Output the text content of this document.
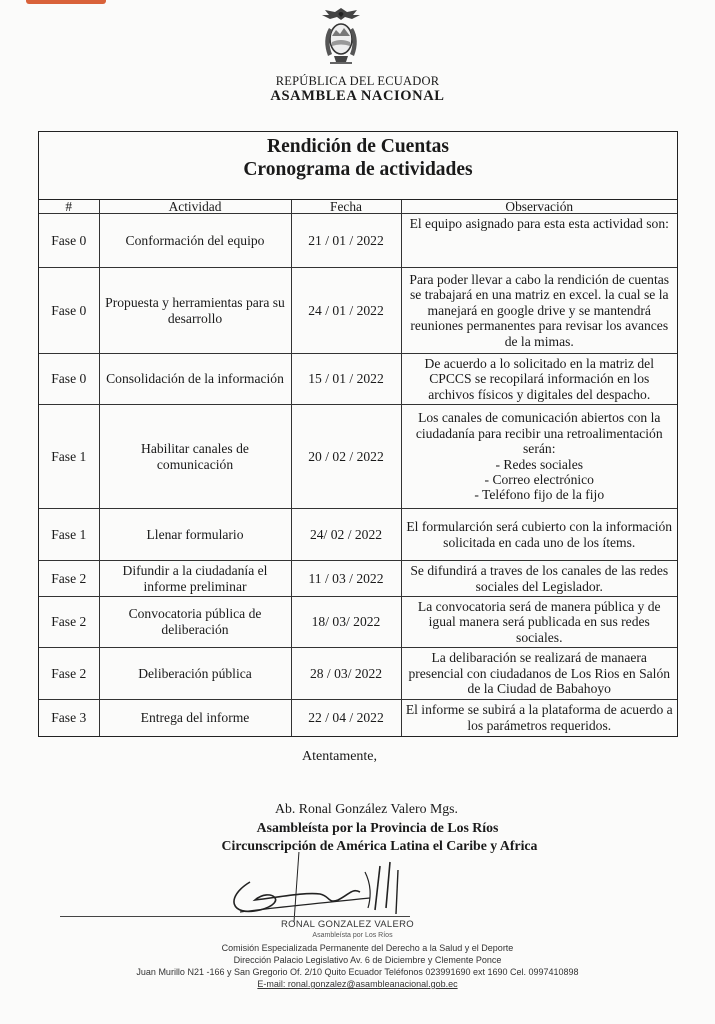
REPÚBLICA DEL ECUADOR
ASAMBLEA NACIONAL
Rendición de Cuentas
Cronograma de actividades
#	Actividad	Fecha	Observación
Fase 0	Conformación del equipo	21 / 01 / 2022	El equipo asignado para esta esta actividad son:
Fase 0	Propuesta y herramientas para su desarrollo	24 / 01 / 2022	Para poder llevar a cabo la rendición de cuentas se trabajará en una matriz en excel. la cual se la manejará en google drive y se mantendrá reuniones permanentes para revisar los avances de la mimas.
Fase 0	Consolidación de la información	15 / 01 / 2022	De acuerdo a lo solicitado en la matriz del CPCCS se recopilará información en los archivos físicos y digitales del despacho.
Fase 1	Habilitar canales de comunicación	20 / 02 / 2022	Los canales de comunicación abiertos con la ciudadanía para recibir una retroalimentación serán:
- Redes sociales
- Correo electrónico
- Teléfono fijo de la fijo
Fase 1	Llenar formulario	24/ 02 / 2022	El formularción será cubierto con la información solicitada en cada uno de los ítems.
Fase 2	Difundir a la ciudadanía el informe preliminar	11 / 03 / 2022	Se difundirá a traves de los canales de las redes sociales del Legislador.
Fase 2	Convocatoria pública de deliberación	18/ 03/ 2022	La convocatoria será de manera pública y de igual manera será publicada en sus redes sociales.
Fase 2	Deliberación pública	28 / 03/ 2022	La delibaración se realizará de manaera presencial con ciudadanos de Los Rios en Salón de la Ciudad de Babahoyo
Fase 3	Entrega del informe	22 / 04 / 2022	El informe se subirá a la plataforma de acuerdo a los parámetros requeridos.
Atentamente,
Ab. Ronal González Valero Mgs.
Asambleísta por la Provincia de Los Ríos
Circunscripción de América Latina el Caribe y Africa
RONAL GONZALEZ VALERO
Asambleísta por Los Ríos
Comisión Especializada Permanente del Derecho a la Salud y el Deporte
Dirección Palacio Legislativo Av. 6 de Diciembre y Clemente Ponce
Juan Murillo N21 -166 y San Gregorio Of. 2/10 Quito Ecuador Teléfonos 023991690 ext 1690 Cel. 0997410898
E-mail: ronal.gonzalez@asambleanacional.gob.ec
